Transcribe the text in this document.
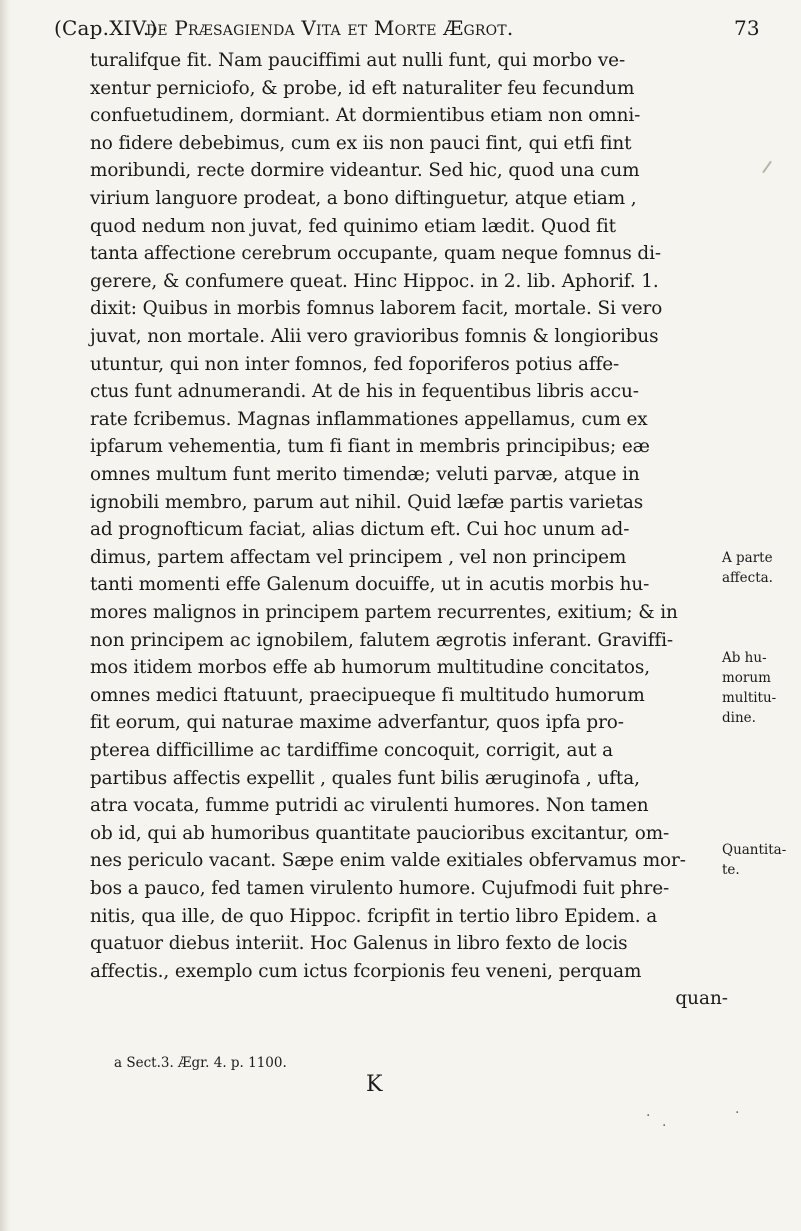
(Cap.XIV.)
de Præsagienda Vita et Morte Ægrot.	73
turalifque fit. Nam pauciffimi aut nulli funt, qui morbo ve-
xentur perniciofo, & probe, id eft naturaliter feu fecundum
confuetudinem, dormiant. At dormientibus etiam non omni-
no fidere debebimus, cum ex iis non pauci fint, qui etfi fint
moribundi, recte dormire videantur. Sed hic, quod una cum
virium languore prodeat, a bono diftinguetur, atque etiam ,
quod nedum non juvat, fed quinimo etiam lædit. Quod fit
tanta affectione cerebrum occupante, quam neque fomnus di-
gerere, & confumere queat. Hinc Hippoc. in 2. lib. Aphorif. 1.
dixit: Quibus in morbis fomnus laborem facit, mortale. Si vero
juvat, non mortale. Alii vero gravioribus fomnis & longioribus
utuntur, qui non inter fomnos, fed foporiferos potius affe-
ctus funt adnumerandi. At de his in fequentibus libris accu-
rate fcribemus. Magnas inflammationes appellamus, cum ex
ipfarum vehementia, tum fi fiant in membris principibus; eæ
omnes multum funt merito timendæ; veluti parvæ, atque in
ignobili membro, parum aut nihil. Quid læfæ partis varietas
ad prognofticum faciat, alias dictum eft. Cui hoc unum ad-
dimus, partem affectam vel principem , vel non principem
tanti momenti effe Galenum docuiffe, ut in acutis morbis hu-
mores malignos in principem partem recurrentes, exitium; & in
non principem ac ignobilem, falutem ægrotis inferant. Graviffi-
mos itidem morbos effe ab humorum multitudine concitatos,
omnes medici ftatuunt, praecipueque fi multitudo humorum
fit eorum, qui naturae maxime adverfantur, quos ipfa pro-
pterea difficillime ac tardiffime concoquit, corrigit, aut a
partibus affectis expellit , quales funt bilis æruginofa , ufta,
atra vocata, fumme putridi ac virulenti humores. Non tamen
ob id, qui ab humoribus quantitate paucioribus excitantur, om-
nes periculo vacant. Sæpe enim valde exitiales obfervamus mor-
bos a pauco, fed tamen virulento humore. Cujufmodi fuit phre-
nitis, qua ille, de quo Hippoc. fcripfit in tertio libro Epidem. a
quatuor diebus interiit. Hoc Galenus in libro fexto de locis
affectis., exemplo cum ictus fcorpionis feu veneni, perquam
quan-
A parte
affecta.
Ab hu-
morum
multitu-
dine.
Quantita-
te.
a Sect.3. Ægr. 4. p. 1100.
K
·
·
·
